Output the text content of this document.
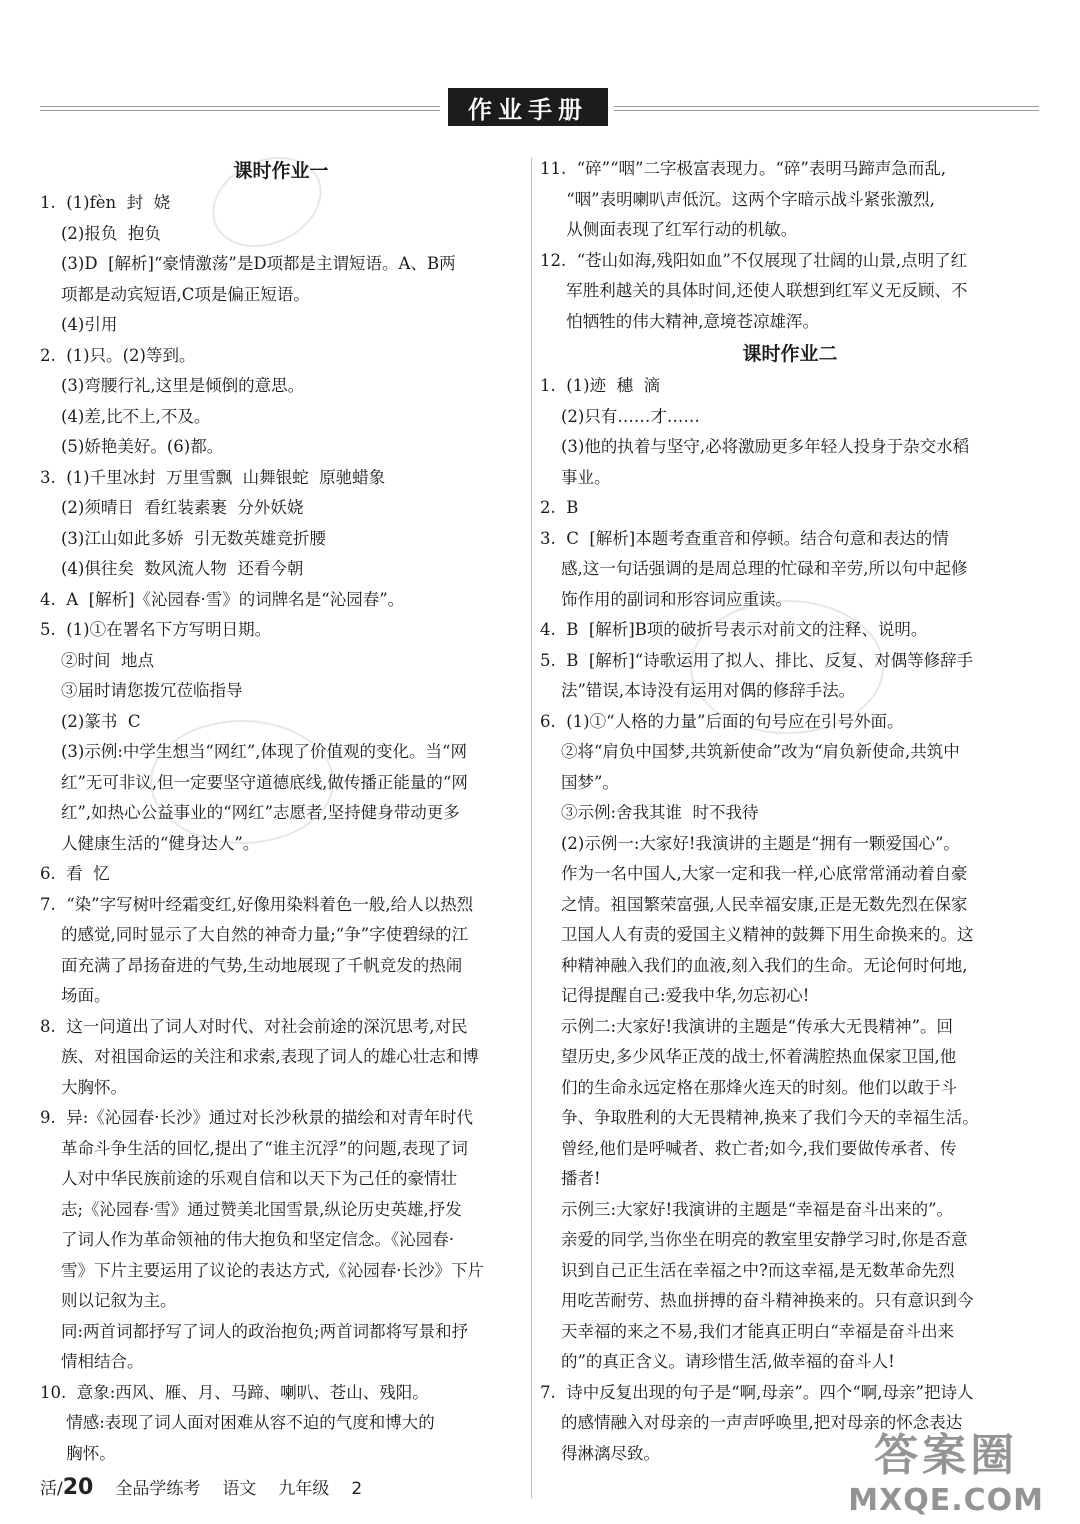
作业手册
课时作业一
1.  (1)fèn  封  娆
(2)报负  抱负
(3)D  [解析]“豪情激荡”是D项都是主谓短语。A、B两
项都是动宾短语,C项是偏正短语。
(4)引用
2.  (1)只。(2)等到。
(3)弯腰行礼,这里是倾倒的意思。
(4)差,比不上,不及。
(5)娇艳美好。(6)都。
3.  (1)千里冰封  万里雪飘  山舞银蛇  原驰蜡象
(2)须晴日  看红装素裹  分外妖娆
(3)江山如此多娇  引无数英雄竞折腰
(4)俱往矣  数风流人物  还看今朝
4.  A  [解析]《沁园春·雪》的词牌名是“沁园春”。
5.  (1)①在署名下方写明日期。
②时间  地点
③届时请您拨冗莅临指导
(2)篆书  C
(3)示例:中学生想当“网红”,体现了价值观的变化。当“网
红”无可非议,但一定要坚守道德底线,做传播正能量的“网
红”,如热心公益事业的“网红”志愿者,坚持健身带动更多
人健康生活的“健身达人”。
6.  看  忆
7.  “染”字写树叶经霜变红,好像用染料着色一般,给人以热烈
的感觉,同时显示了大自然的神奇力量;“争”字使碧绿的江
面充满了昂扬奋进的气势,生动地展现了千帆竞发的热闹
场面。
8.  这一问道出了词人对时代、对社会前途的深沉思考,对民
族、对祖国命运的关注和求索,表现了词人的雄心壮志和博
大胸怀。
9.  异:《沁园春·长沙》通过对长沙秋景的描绘和对青年时代
革命斗争生活的回忆,提出了“谁主沉浮”的问题,表现了词
人对中华民族前途的乐观自信和以天下为己任的豪情壮
志;《沁园春·雪》通过赞美北国雪景,纵论历史英雄,抒发
了词人作为革命领袖的伟大抱负和坚定信念。《沁园春·
雪》下片主要运用了议论的表达方式,《沁园春·长沙》下片
则以记叙为主。
同:两首词都抒写了词人的政治抱负;两首词都将写景和抒
情相结合。
10.  意象:西风、雁、月、马蹄、喇叭、苍山、残阳。
情感:表现了词人面对困难从容不迫的气度和博大的
胸怀。
11.  “碎”“咽”二字极富表现力。“碎”表明马蹄声急而乱,
“咽”表明喇叭声低沉。这两个字暗示战斗紧张激烈,
从侧面表现了红军行动的机敏。
12.  “苍山如海,残阳如血”不仅展现了壮阔的山景,点明了红
军胜利越关的具体时间,还使人联想到红军义无反顾、不
怕牺牲的伟大精神,意境苍凉雄浑。
课时作业二
1.  (1)迹  穗  滴
(2)只有……才……
(3)他的执着与坚守,必将激励更多年轻人投身于杂交水稻
事业。
2.  B
3.  C  [解析]本题考查重音和停顿。结合句意和表达的情
感,这一句话强调的是周总理的忙碌和辛劳,所以句中起修
饰作用的副词和形容词应重读。
4.  B  [解析]B项的破折号表示对前文的注释、说明。
5.  B  [解析]“诗歌运用了拟人、排比、反复、对偶等修辞手
法”错误,本诗没有运用对偶的修辞手法。
6.  (1)①“人格的力量”后面的句号应在引号外面。
②将“肩负中国梦,共筑新使命”改为“肩负新使命,共筑中
国梦”。
③示例:舍我其谁  时不我待
(2)示例一:大家好!我演讲的主题是“拥有一颗爱国心”。
作为一名中国人,大家一定和我一样,心底常常涌动着自豪
之情。祖国繁荣富强,人民幸福安康,正是无数先烈在保家
卫国人人有责的爱国主义精神的鼓舞下用生命换来的。这
种精神融入我们的血液,刻入我们的生命。无论何时何地,
记得提醒自己:爱我中华,勿忘初心!
示例二:大家好!我演讲的主题是“传承大无畏精神”。回
望历史,多少风华正茂的战士,怀着满腔热血保家卫国,他
们的生命永远定格在那烽火连天的时刻。他们以敢于斗
争、争取胜利的大无畏精神,换来了我们今天的幸福生活。
曾经,他们是呼喊者、救亡者;如今,我们要做传承者、传
播者!
示例三:大家好!我演讲的主题是“幸福是奋斗出来的”。
亲爱的同学,当你坐在明亮的教室里安静学习时,你是否意
识到自己正生活在幸福之中?而这幸福,是无数革命先烈
用吃苦耐劳、热血拼搏的奋斗精神换来的。只有意识到今
天幸福的来之不易,我们才能真正明白“幸福是奋斗出来
的”的真正含义。请珍惜生活,做幸福的奋斗人!
7.  诗中反复出现的句子是“啊,母亲”。四个“啊,母亲”把诗人
的感情融入对母亲的一声声呼唤里,把对母亲的怀念表达
得淋漓尽致。
活/20 全品学练考 语文 九年级 2
答案圈
MXQE.COM
